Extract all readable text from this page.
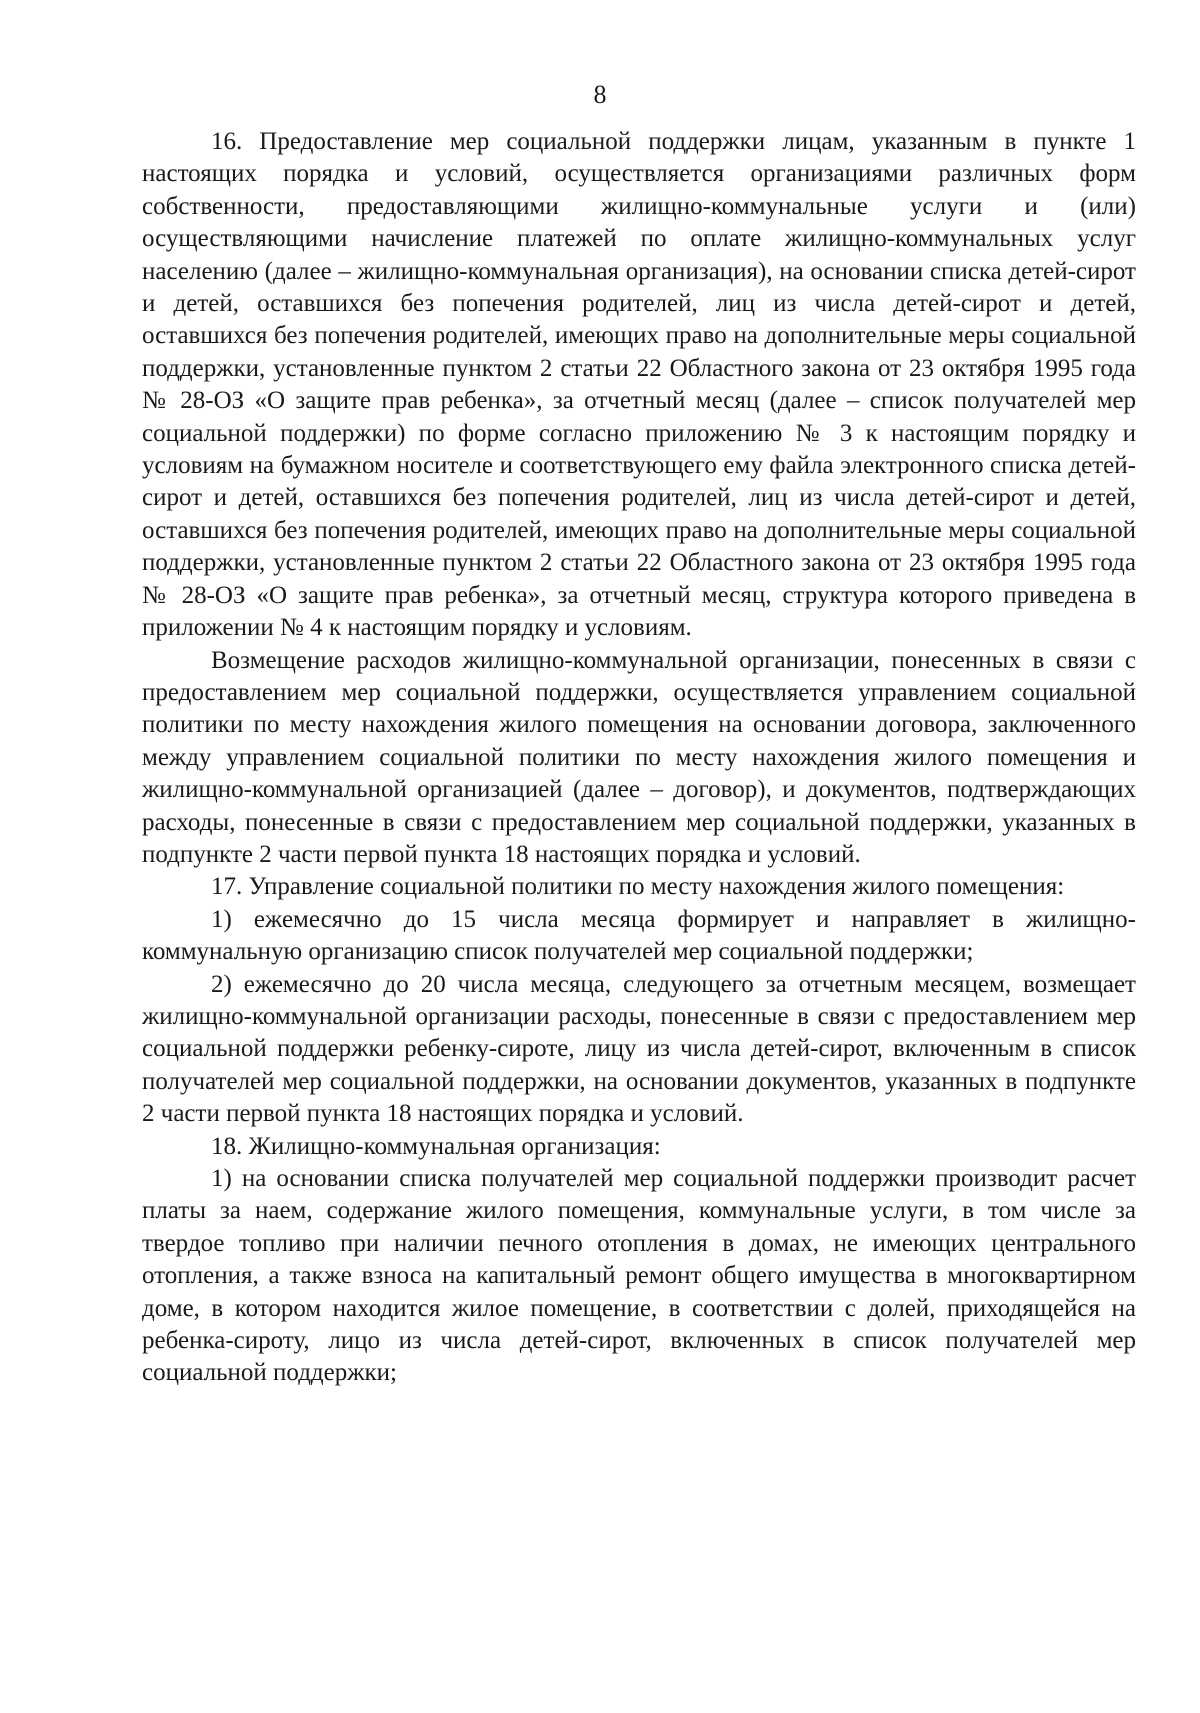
8

16. Предоставление мер социальной поддержки лицам, указанным в пункте 1 настоящих порядка и условий, осуществляется организациями различных форм собственности, предоставляющими жилищно-коммунальные услуги и (или) осуществляющими начисление платежей по оплате жилищно-коммунальных услуг населению (далее – жилищно-коммунальная организация), на основании списка детей-сирот и детей, оставшихся без попечения родителей, лиц из числа детей-сирот и детей, оставшихся без попечения родителей, имеющих право на дополнительные меры социальной поддержки, установленные пунктом 2 статьи 22 Областного закона от 23 октября 1995 года № 28-ОЗ «О защите прав ребенка», за отчетный месяц (далее – список получателей мер социальной поддержки) по форме согласно приложению № 3 к настоящим порядку и условиям на бумажном носителе и соответствующего ему файла электронного списка детей-сирот и детей, оставшихся без попечения родителей, лиц из числа детей-сирот и детей, оставшихся без попечения родителей, имеющих право на дополнительные меры социальной поддержки, установленные пунктом 2 статьи 22 Областного закона от 23 октября 1995 года № 28-ОЗ «О защите прав ребенка», за отчетный месяц, структура которого приведена в приложении № 4 к настоящим порядку и условиям.

Возмещение расходов жилищно-коммунальной организации, понесенных в связи с предоставлением мер социальной поддержки, осуществляется управлением социальной политики по месту нахождения жилого помещения на основании договора, заключенного между управлением социальной политики по месту нахождения жилого помещения и жилищно-коммунальной организацией (далее – договор), и документов, подтверждающих расходы, понесенные в связи с предоставлением мер социальной поддержки, указанных в подпункте 2 части первой пункта 18 настоящих порядка и условий.

17. Управление социальной политики по месту нахождения жилого помещения:

1) ежемесячно до 15 числа месяца формирует и направляет в жилищно-коммунальную организацию список получателей мер социальной поддержки;

2) ежемесячно до 20 числа месяца, следующего за отчетным месяцем, возмещает жилищно-коммунальной организации расходы, понесенные в связи с предоставлением мер социальной поддержки ребенку-сироте, лицу из числа детей-сирот, включенным в список получателей мер социальной поддержки, на основании документов, указанных в подпункте 2 части первой пункта 18 настоящих порядка и условий.

18. Жилищно-коммунальная организация:

1) на основании списка получателей мер социальной поддержки производит расчет платы за наем, содержание жилого помещения, коммунальные услуги, в том числе за твердое топливо при наличии печного отопления в домах, не имеющих центрального отопления, а также взноса на капитальный ремонт общего имущества в многоквартирном доме, в котором находится жилое помещение, в соответствии с долей, приходящейся на ребенка-сироту, лицо из числа детей-сирот, включенных в список получателей мер социальной поддержки;
